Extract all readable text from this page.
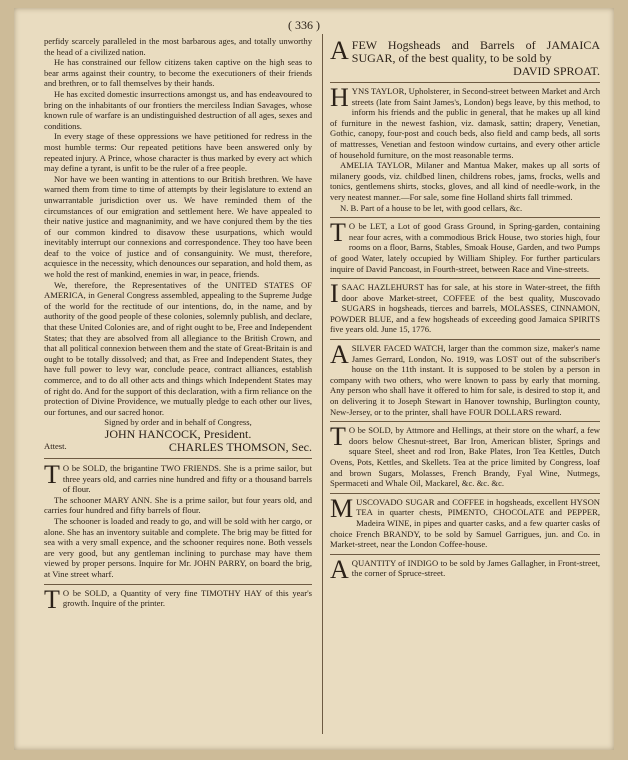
( 336 )

perfidy scarcely paralleled in the most barbarous ages, and totally unworthy the head of a civilized nation.

He has constrained our fellow citizens taken captive on the high seas to bear arms against their country, to become the executioners of their friends and brethren, or to fall themselves by their hands.

He has excited domestic insurrections amongst us, and has endeavoured to bring on the inhabitants of our frontiers the merciless Indian Savages, whose known rule of warfare is an undistinguished destruction of all ages, sexes and conditions.

In every stage of these oppressions we have petitioned for redress in the most humble terms: Our repeated petitions have been answered only by repeated injury. A Prince, whose character is thus marked by every act which may define a tyrant, is unfit to be the ruler of a free people.

Nor have we been wanting in attentions to our British brethren. We have warned them from time to time of attempts by their legislature to extend an unwarrantable jurisdiction over us. We have reminded them of the circumstances of our emigration and settlement here. We have appealed to their native justice and magnanimity, and we have conjured them by the ties of our common kindred to disavow these usurpations, which would inevitably interrupt our connexions and correspondence. They too have been deaf to the voice of justice and of consanguinity. We must, therefore, acquiesce in the necessity, which denounces our separation, and hold them, as we hold the rest of mankind, enemies in war, in peace, friends.

We, therefore, the Representatives of the UNITED STATES OF AMERICA, in General Congress assembled, appealing to the Supreme Judge of the world for the rectitude of our intentions, do, in the name, and by authority of the good people of these colonies, solemnly publish, and declare, that these United Colonies are, and of right ought to be, Free and Independent States; that they are absolved from all allegiance to the British Crown, and that all political connexion between them and the state of Great-Britain is and ought to be totally dissolved; and that, as Free and Independent States, they have full power to levy war, conclude peace, contract alliances, establish commerce, and to do all other acts and things which Independent States may of right do. And for the support of this declaration, with a firm reliance on the protection of Divine Providence, we mutually pledge to each other our lives, our fortunes, and our sacred honor.

Signed by order and in behalf of Congress,

JOHN HANCOCK, President.

Attest.	CHARLES THOMSON, Sec.

T O be SOLD, the brigantine TWO FRIENDS. She is a prime sailor, but three years old, and carries nine hundred and fifty or a thousand barrels of flour.

The schooner MARY ANN. She is a prime sailor, but four years old, and carries four hundred and fifty barrels of flour.

The schooner is loaded and ready to go, and will be sold with her cargo, or alone. She has an inventory suitable and complete. The brig may be fitted for sea with a very small expence, and the schooner requires none. Both vessels are very good, but any gentleman inclining to purchase may have them viewed by proper persons. Inquire for Mr. JOHN PARRY, on board the brig, at Vine street wharf.

T O be SOLD, a Quantity of very fine TIMOTHY HAY of this year's growth. Inquire of the printer.

AFEW Hogsheads and Barrels of JAMAICA SUGAR, of the best quality, to be sold by

DAVID SPROAT.

HYNS TAYLOR, Upholsterer, in Second-street between Market and Arch streets (late from Saint James's, London) begs leave, by this method, to inform his friends and the public in general, that he makes up all kind of furniture in the newest fashion, viz. damask, sattin; drapery, Venetian, Gothic, canopy, four-post and couch beds, also field and camp beds, all sorts of mattresses, Venetian and festoon window curtains, and every other article of household furniture, on the most reasonable terms.

AMELIA TAYLOR, Milaner and Mantua Maker, makes up all sorts of milanery goods, viz. childbed linen, childrens robes, jams, frocks, wells and tonics, gentlemens shirts, stocks, gloves, and all kind of needle-work, in the very neatest manner.—For sale, some fine Holland shirts fall trimmed.

N. B. Part of a house to be let, with good cellars, &c.

T O be LET, a Lot of good Grass Ground, in Spring-garden, containing near four acres, with a commodious Brick House, two stories high, four rooms on a floor, Barns, Stables, Smoak House, Garden, and two Pumps of good Water, lately occupied by William Shipley. For further particulars inquire of David Pancoast, in Fourth-street, between Race and Vine-streets.

ISAAC HAZLEHURST has for sale, at his store in Water-street, the fifth door above Market-street, COFFEE of the best quality, Muscovado SUGARS in hogsheads, tierces and barrels, MOLASSES, CINNAMON, POWDER BLUE, and a few hogsheads of exceeding good Jamaica SPIRITS five years old. June 15, 1776.

ASILVER FACED WATCH, larger than the common size, maker's name James Gerrard, London, No. 1919, was LOST out of the subscriber's house on the 11th instant. It is supposed to be stolen by a person in company with two others, who were known to pass by early that morning. Any person who shall have it offered to him for sale, is desired to stop it, and on delivering it to Joseph Stewart in Hanover township, Burlington county, New-Jersey, or to the printer, shall have FOUR DOLLARS reward.

T O be SOLD, by Attmore and Hellings, at their store on the wharf, a few doors below Chesnut-street, Bar Iron, American blister, Springs and square Steel, sheet and rod Iron, Bake Plates, Iron Tea Kettles, Dutch Ovens, Pots, Kettles, and Skellets. Tea at the price limited by Congress, loaf and brown Sugars, Molasses, French Brandy, Fyal Wine, Nutmegs, Spermaceti and Whale Oil, Mackarel, &c. &c. &c.

MUSCOVADO SUGAR and COFFEE in hogsheads, excellent HYSON TEA in quarter chests, PIMENTO, CHOCOLATE and PEPPER, Madeira WINE, in pipes and quarter casks, and a few quarter casks of choice French BRANDY, to be sold by Samuel Garrigues, jun. and Co. in Market-street, near the London Coffee-house.

AQUANTITY of INDIGO to be sold by James Gallagher, in Front-street, the corner of Spruce-street.
